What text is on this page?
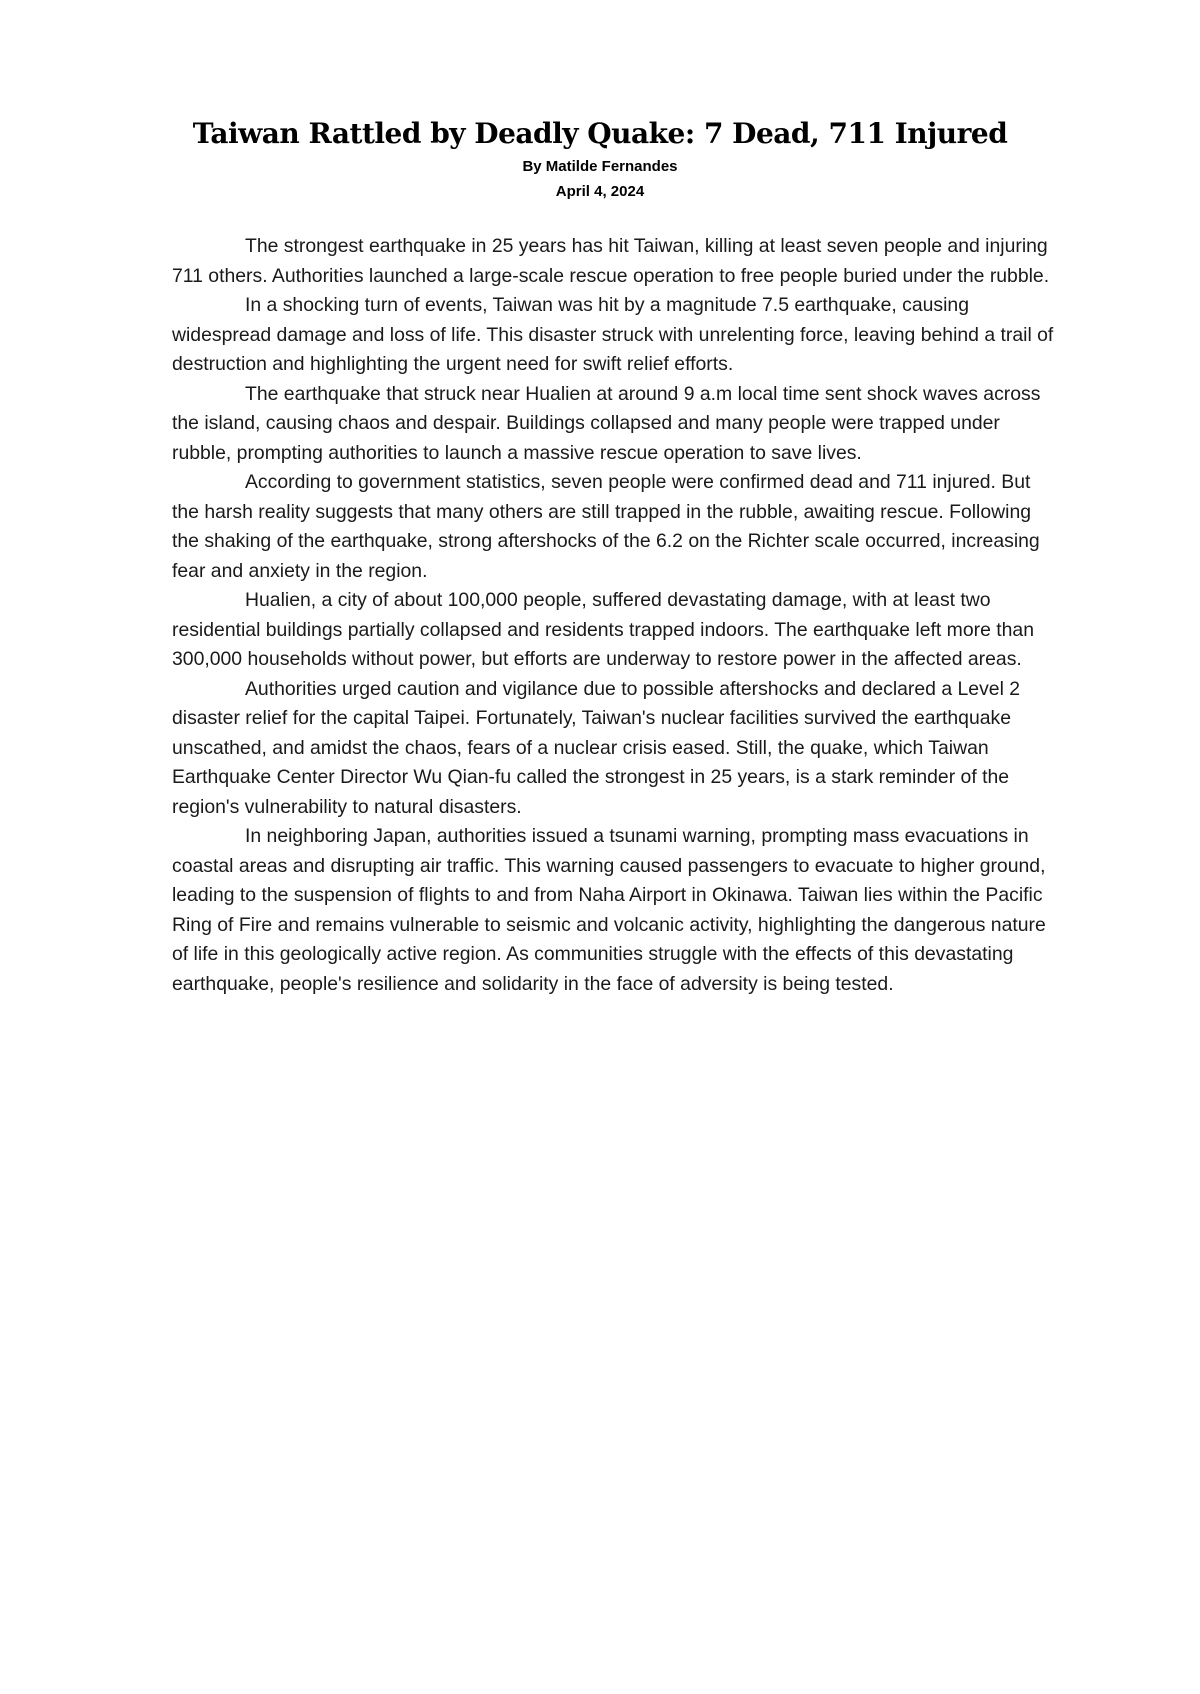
Taiwan Rattled by Deadly Quake: 7 Dead, 711 Injured

By Matilde Fernandes

April 4, 2024

The strongest earthquake in 25 years has hit Taiwan, killing at least seven people and injuring 711 others. Authorities launched a large-scale rescue operation to free people buried under the rubble.

In a shocking turn of events, Taiwan was hit by a magnitude 7.5 earthquake, causing widespread damage and loss of life. This disaster struck with unrelenting force, leaving behind a trail of destruction and highlighting the urgent need for swift relief efforts.

The earthquake that struck near Hualien at around 9 a.m local time sent shock waves across the island, causing chaos and despair. Buildings collapsed and many people were trapped under rubble, prompting authorities to launch a massive rescue operation to save lives.

According to government statistics, seven people were confirmed dead and 711 injured. But the harsh reality suggests that many others are still trapped in the rubble, awaiting rescue. Following the shaking of the earthquake, strong aftershocks of the 6.2 on the Richter scale occurred, increasing fear and anxiety in the region.

Hualien, a city of about 100,000 people, suffered devastating damage, with at least two residential buildings partially collapsed and residents trapped indoors. The earthquake left more than 300,000 households without power, but efforts are underway to restore power in the affected areas.

Authorities urged caution and vigilance due to possible aftershocks and declared a Level 2 disaster relief for the capital Taipei. Fortunately, Taiwan's nuclear facilities survived the earthquake unscathed, and amidst the chaos, fears of a nuclear crisis eased. Still, the quake, which Taiwan Earthquake Center Director Wu Qian-fu called the strongest in 25 years, is a stark reminder of the region's vulnerability to natural disasters.

In neighboring Japan, authorities issued a tsunami warning, prompting mass evacuations in coastal areas and disrupting air traffic. This warning caused passengers to evacuate to higher ground, leading to the suspension of flights to and from Naha Airport in Okinawa. Taiwan lies within the Pacific Ring of Fire and remains vulnerable to seismic and volcanic activity, highlighting the dangerous nature of life in this geologically active region. As communities struggle with the effects of this devastating earthquake, people's resilience and solidarity in the face of adversity is being tested.
